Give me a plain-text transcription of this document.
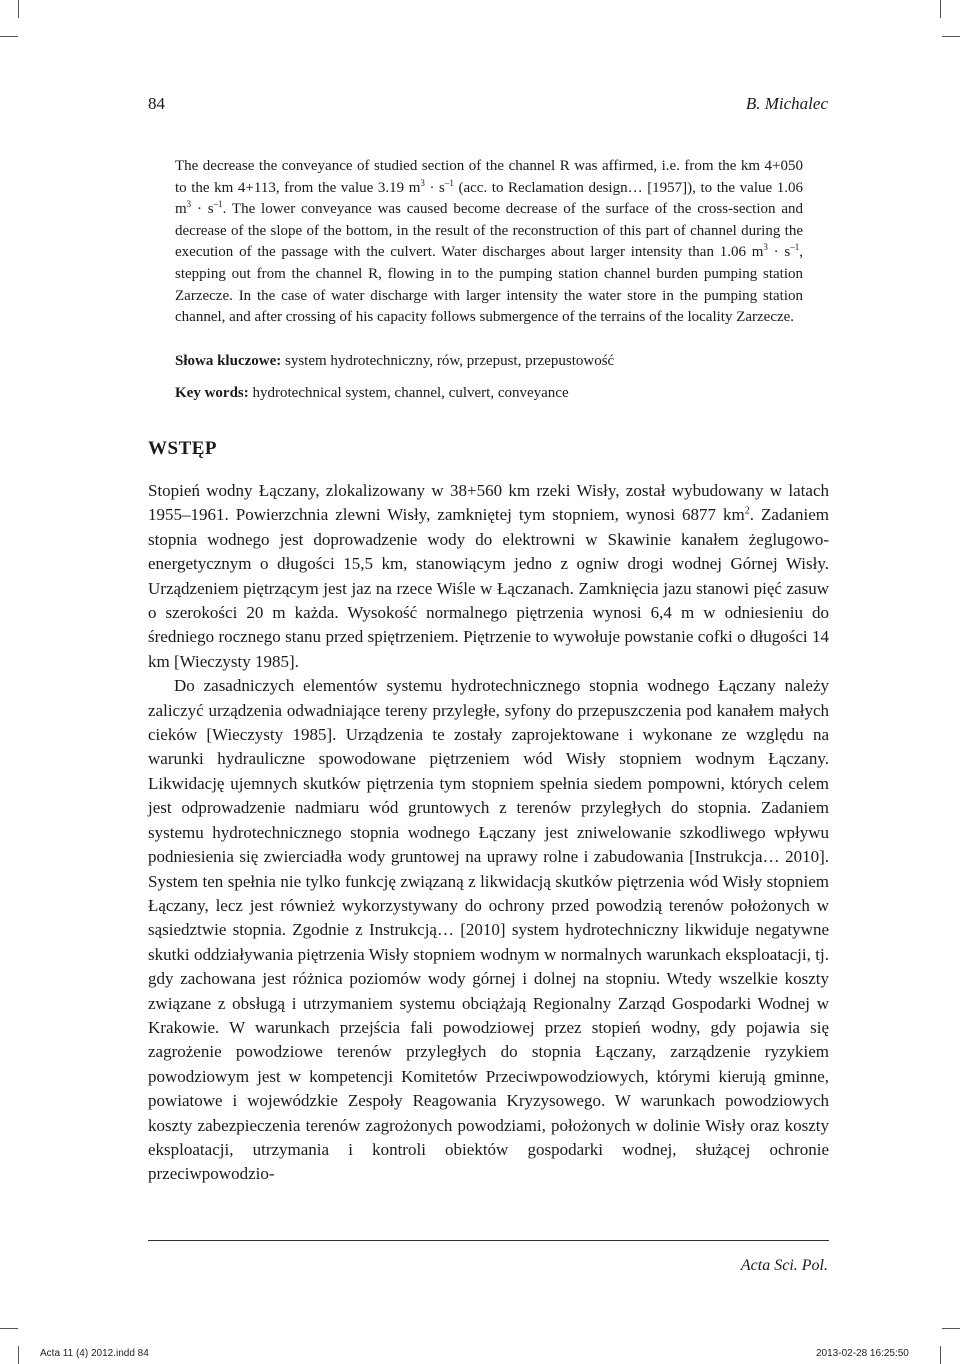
84	B. Michalec

The decrease the conveyance of studied section of the channel R was affirmed, i.e. from the km 4+050 to the km 4+113, from the value 3.19 $m^3 \cdot s^{-1}$ (acc. to Reclamation design… [1957]), to the value 1.06 $m^3 \cdot s^{-1}$. The lower conveyance was caused become decrease of the surface of the cross-section and decrease of the slope of the bottom, in the result of the reconstruction of this part of channel during the execution of the passage with the culvert. Water discharges about larger intensity than 1.06 $m^3 \cdot s^{-1}$, stepping out from the channel R, flowing in to the pumping station channel burden pumping station Zarzecze. In the case of water discharge with larger intensity the water store in the pumping station channel, and after crossing of his capacity follows submergence of the terrains of the locality Zarzecze.

Słowa kluczowe: system hydrotechniczny, rów, przepust, przepustowość
Key words: hydrotechnical system, channel, culvert, conveyance
WSTĘP

Stopień wodny Łączany, zlokalizowany w 38+560 km rzeki Wisły, został wybudowany w latach 1955–1961. Powierzchnia zlewni Wisły, zamkniętej tym stopniem, wynosi 6877 $km^2$. Zadaniem stopnia wodnego jest doprowadzenie wody do elektrowni w Skawinie kanałem żeglugowo-energetycznym o długości 15,5 km, stanowiącym jedno z ogniw drogi wodnej Górnej Wisły. Urządzeniem piętrzącym jest jaz na rzece Wiśle w Łączanach. Zamknięcia jazu stanowi pięć zasuw o szerokości 20 m każda. Wysokość normalnego piętrzenia wynosi 6,4 m w odniesieniu do średniego rocznego stanu przed spiętrzeniem. Piętrzenie to wywołuje powstanie cofki o długości 14 km [Wieczysty 1985].

Do zasadniczych elementów systemu hydrotechnicznego stopnia wodnego Łączany należy zaliczyć urządzenia odwadniające tereny przyległe, syfony do przepuszczenia pod kanałem małych cieków [Wieczysty 1985]. Urządzenia te zostały zaprojektowane i wykonane ze względu na warunki hydrauliczne spowodowane piętrzeniem wód Wisły stopniem wodnym Łączany. Likwidację ujemnych skutków piętrzenia tym stopniem spełnia siedem pompowni, których celem jest odprowadzenie nadmiaru wód gruntowych z terenów przyległych do stopnia. Zadaniem systemu hydrotechnicznego stopnia wodnego Łączany jest zniwelowanie szkodliwego wpływu podniesienia się zwierciadła wody gruntowej na uprawy rolne i zabudowania [Instrukcja… 2010]. System ten spełnia nie tylko funkcję związaną z likwidacją skutków piętrzenia wód Wisły stopniem Łączany, lecz jest również wykorzystywany do ochrony przed powodzią terenów położonych w sąsiedztwie stopnia. Zgodnie z Instrukcją… [2010] system hydrotechniczny likwiduje negatywne skutki oddziaływania piętrzenia Wisły stopniem wodnym w normalnych warunkach eksploatacji, tj. gdy zachowana jest różnica poziomów wody górnej i dolnej na stopniu. Wtedy wszelkie koszty związane z obsługą i utrzymaniem systemu obciążają Regionalny Zarząd Gospodarki Wodnej w Krakowie. W warunkach przejścia fali powodziowej przez stopień wodny, gdy pojawia się zagrożenie powodziowe terenów przyległych do stopnia Łączany, zarządzenie ryzykiem powodziowym jest w kompetencji Komitetów Przeciwpowodziowych, którymi kierują gminne, powiatowe i wojewódzkie Zespoły Reagowania Kryzysowego. W warunkach powodziowych koszty zabezpieczenia terenów zagrożonych powodziami, położonych w dolinie Wisły oraz koszty eksploatacji, utrzymania i kontroli obiektów gospodarki wodnej, służącej ochronie przeciwpowodzio-

Acta Sci. Pol.
Acta 11 (4) 2012.indd 84	2013-02-28 16:25:50
